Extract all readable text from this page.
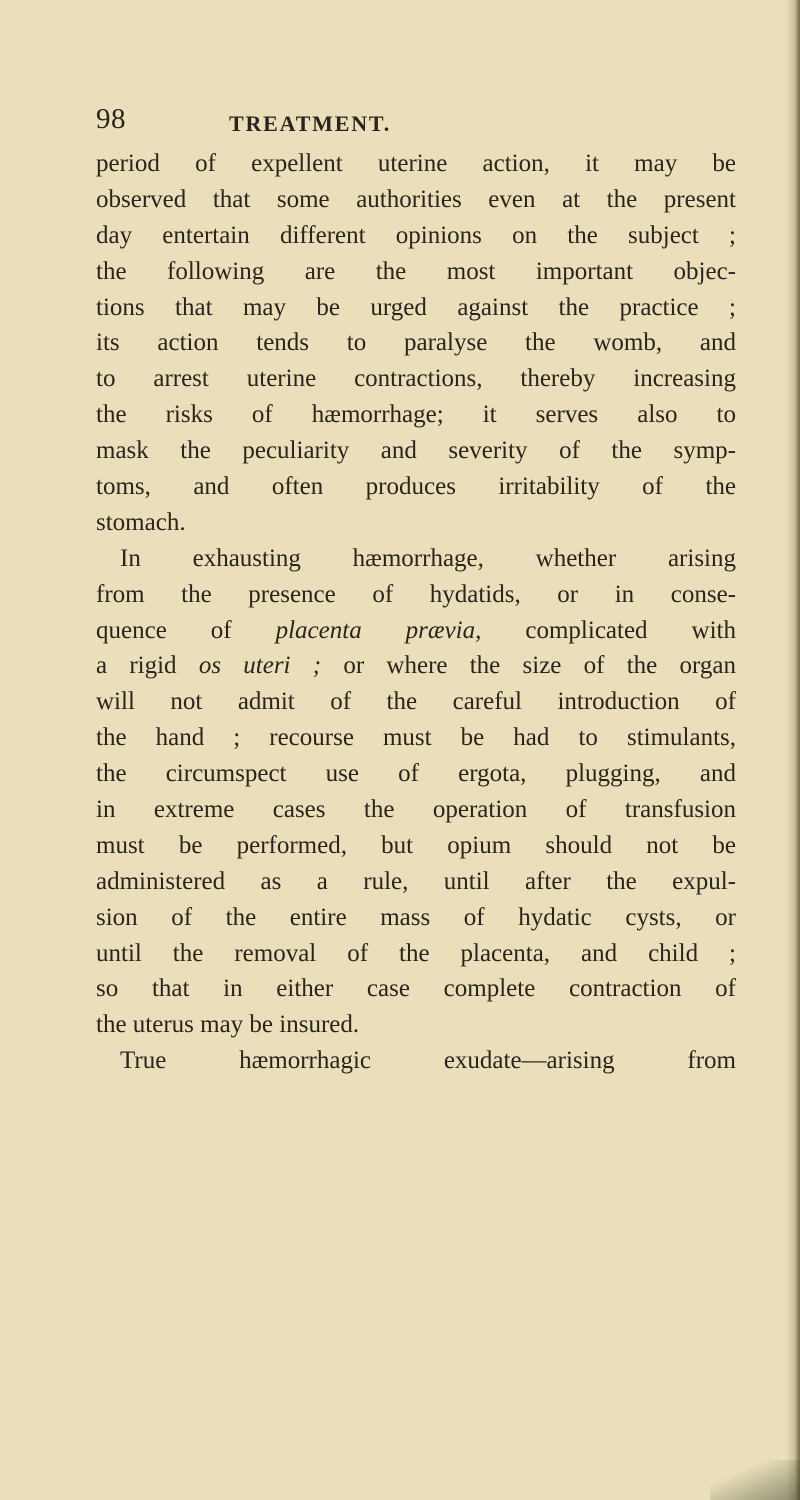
98	TREATMENT.
period of expellent uterine action, it may be
observed that some authorities even at the present
day entertain different opinions on the subject ;
the following are the most important objec-
tions that may be urged against the practice ;
its action tends to paralyse the womb, and
to arrest uterine contractions, thereby increasing
the risks of hæmorrhage; it serves also to
mask the peculiarity and severity of the symp-
toms, and often produces irritability of the
stomach.
In exhausting hæmorrhage, whether arising
from the presence of hydatids, or in conse-
quence of placenta prævia, complicated with
a rigid os uteri ; or where the size of the organ
will not admit of the careful introduction of
the hand ; recourse must be had to stimulants,
the circumspect use of ergota, plugging, and
in extreme cases the operation of transfusion
must be performed, but opium should not be
administered as a rule, until after the expul-
sion of the entire mass of hydatic cysts, or
until the removal of the placenta, and child ;
so that in either case complete contraction of
the uterus may be insured.
True hæmorrhagic exudate—arising from
